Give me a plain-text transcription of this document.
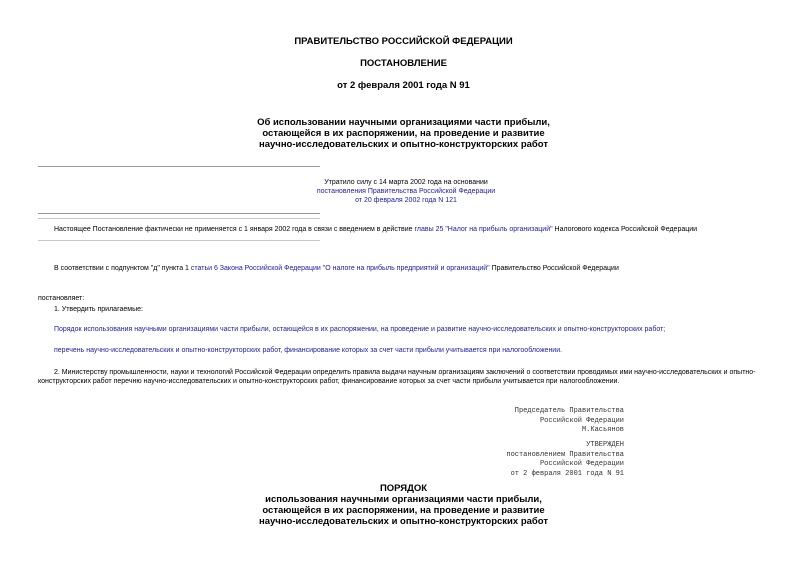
ПРАВИТЕЛЬСТВО РОССИЙСКОЙ ФЕДЕРАЦИИ
ПОСТАНОВЛЕНИЕ
от 2 февраля 2001 года N 91
Об использовании научными организациями части прибыли,
остающейся в их распоряжении, на проведение и развитие
научно-исследовательских и опытно-конструкторских работ
Утратило силу с 14 марта 2002 года на основании
постановления Правительства Российской Федерации
от 20 февраля 2002 года N 121
Настоящее Постановление фактически не применяется с 1 января 2002 года в связи с введением в действие главы 25 "Налог на прибыль организаций" Налогового кодекса Российской Федерации
В соответствии с подпунктом "д" пункта 1 статьи 6 Закона Российской Федерации "О налоге на прибыль предприятий и организаций" Правительство Российской Федерации
постановляет:
1. Утвердить прилагаемые:
Порядок использования научными организациями части прибыли, остающейся в их распоряжении, на проведение и развитие научно-исследовательских и опытно-конструкторских работ;
перечень научно-исследовательских и опытно-конструкторских работ, финансирование которых за счет части прибыли учитывается при налогообложении.
2. Министерству промышленности, науки и технологий Российской Федерации определить правила выдачи научным организациям заключений о соответствии проводимых ими научно-исследовательских и опытно-
конструкторских работ перечню научно-исследовательских и опытно-конструкторских работ, финансирование которых за счет части прибыли учитывается при налогообложении.
Председатель Правительства
Российской Федерации
М.Касьянов
УТВЕРЖДЕН
постановлением Правительства
Российской Федерации
от 2 февраля 2001 года N 91
ПОРЯДОК
использования научными организациями части прибыли,
остающейся в их распоряжении, на проведение и развитие
научно-исследовательских и опытно-конструкторских работ
